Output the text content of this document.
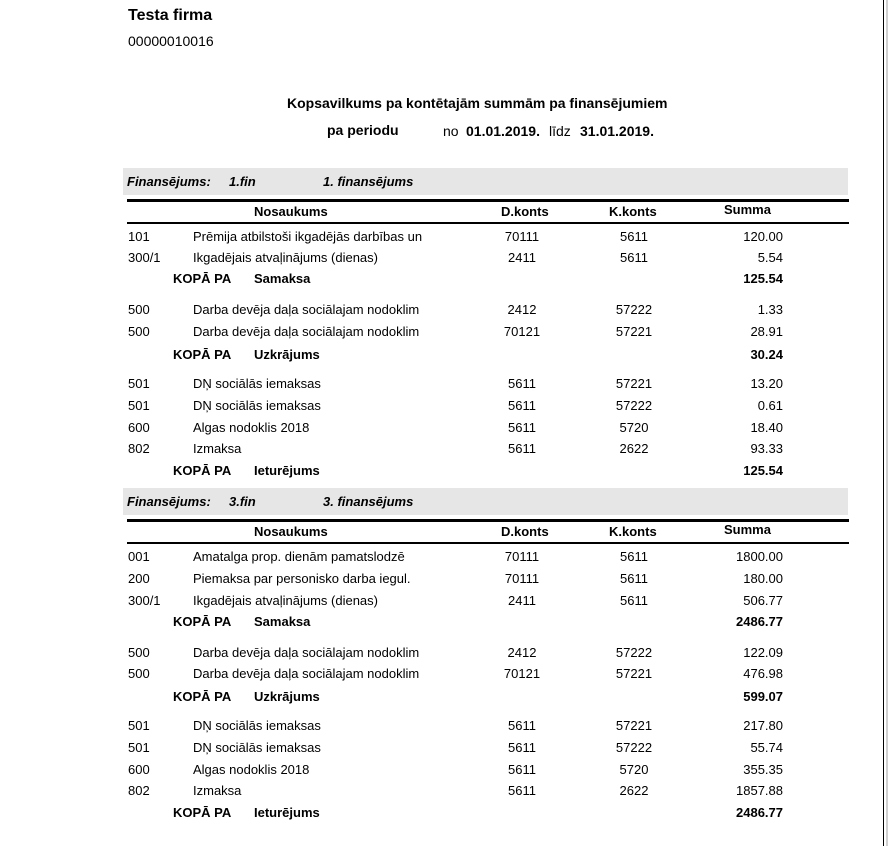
Testa firma
00000010016
Kopsavilkums pa kontētajām summām pa finansējumiem
pa periodu	no 01.01.2019. līdz 31.01.2019.
Finansējums: 1.fin	1. finansējums
Nosaukums	D.konts	K.konts	Summa
101	Prēmija atbilstoši ikgadējās darbības un	70111	5611	120.00
300/1 Ikgadējais atvaļinājums (dienas)	2411	5611	5.54
KOPĀ PA Samaksa	125.54
500	Darba devēja daļa sociālajam nodoklim	2412	57222	1.33
500	Darba devēja daļa sociālajam nodoklim	70121	57221	28.91
KOPĀ PA Uzkrājums	30.24
501	DŅ sociālās iemaksas	5611	57221	13.20
501	DŅ sociālās iemaksas	5611	57222	0.61
600	Algas nodoklis 2018	5611	5720	18.40
802	Izmaksa	5611	2622	93.33
KOPĀ PA Ieturējums	125.54
Finansējums: 3.fin	3. finansējums
Nosaukums	D.konts	K.konts	Summa
001	Amatalga prop. dienām pamatslodzē	70111	5611	1800.00
200	Piemaksa par personisko darba iegul.	70111	5611	180.00
300/1 Ikgadējais atvaļinājums (dienas)	2411	5611	506.77
KOPĀ PA Samaksa	2486.77
500	Darba devēja daļa sociālajam nodoklim	2412	57222	122.09
500	Darba devēja daļa sociālajam nodoklim	70121	57221	476.98
KOPĀ PA Uzkrājums	599.07
501	DŅ sociālās iemaksas	5611	57221	217.80
501	DŅ sociālās iemaksas	5611	57222	55.74
600	Algas nodoklis 2018	5611	5720	355.35
802	Izmaksa	5611	2622	1857.88
KOPĀ PA Ieturējums	2486.77
